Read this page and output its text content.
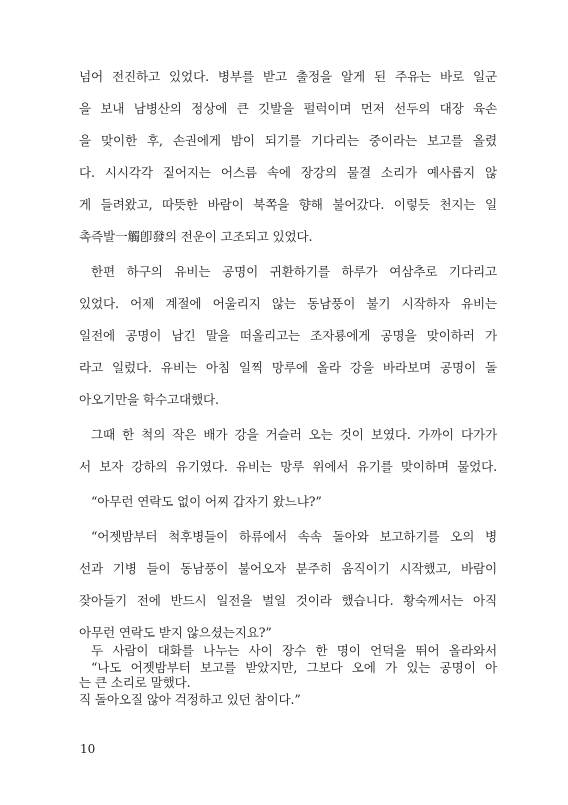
넘어 전진하고 있었다. 병부를 받고 출정을 알게 된 주유는 바로 일군
을 보내 남병산의 정상에 큰 깃발을 펄럭이며 먼저 선두의 대장 육손
을 맞이한 후, 손권에게 밤이 되기를 기다리는 중이라는 보고를 올렸
다. 시시각각 짙어지는 어스름 속에 장강의 물결 소리가 예사롭지 않
게 들려왔고, 따뜻한 바람이 북쪽을 향해 불어갔다. 이렇듯 천지는 일
촉즉발一觸卽發의 전운이 고조되고 있었다.
한편 하구의 유비는 공명이 귀환하기를 하루가 여삼추로 기다리고
있었다. 어제 계절에 어울리지 않는 동남풍이 불기 시작하자 유비는
일전에 공명이 남긴 말을 떠올리고는 조자룡에게 공명을 맞이하러 가
라고 일렀다. 유비는 아침 일찍 망루에 올라 강을 바라보며 공명이 돌
아오기만을 학수고대했다.
그때 한 척의 작은 배가 강을 거슬러 오는 것이 보였다. 가까이 다가가
서 보자 강하의 유기였다. 유비는 망루 위에서 유기를 맞이하며 물었다.
“아무런 연락도 없이 어찌 갑자기 왔느냐?”
“어젯밤부터 척후병들이 하류에서 속속 돌아와 보고하기를 오의 병
선과 기병 들이 동남풍이 불어오자 분주히 움직이기 시작했고, 바람이
잦아들기 전에 반드시 일전을 벌일 것이라 했습니다. 황숙께서는 아직
아무런 연락도 받지 않으셨는지요?”
“나도 어젯밤부터 보고를 받았지만, 그보다 오에 가 있는 공명이 아
직 돌아오질 않아 걱정하고 있던 참이다.”
10
두 사람이 대화를 나누는 사이 장수 한 명이 언덕을 뛰어 올라와서
는 큰 소리로 말했다.
